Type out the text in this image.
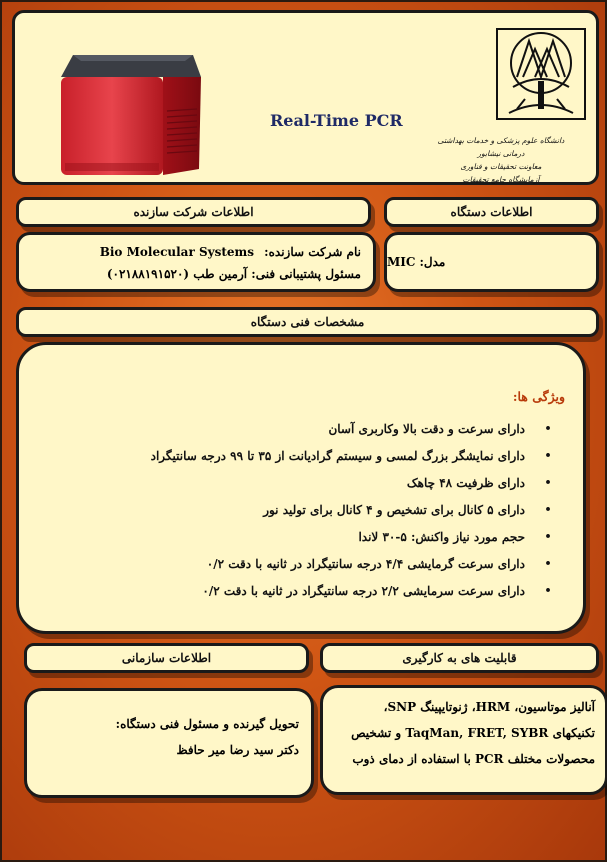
Real-Time PCR
دانشگاه علوم پزشکی و خدمات بهداشتی درمانی نیشابور
معاونت تحقیقات و فناوری
آزمایشگاه جامع تحقیقات
اطلاعات دستگاه
اطلاعات شرکت سازنده
مدل:
MIC
نام شرکت سازنده: Bio Molecular Systems
مسئول پشتیبانی فنی: آرمین طب (۰۲۱۸۸۱۹۱۵۲۰)
مشخصات فنی دستگاه
ویژگی ها:
•
دارای سرعت و دقت بالا وکاربری آسان
•
دارای نمایشگر بزرگ لمسی و سیستم گرادیانت از ۳۵ تا ۹۹ درجه سانتیگراد
•
دارای ظرفیت ۴۸ چاهک
•
دارای ۵ کانال برای تشخیص و ۴ کانال برای تولید نور
•
حجم مورد نیاز واکنش: ۵-۳۰ لاندا
•
دارای سرعت گرمایشی ۴/۴ درجه سانتیگراد در ثانیه با دقت ۰/۲
•
دارای سرعت سرمایشی ۲/۲ درجه سانتیگراد در ثانیه با دقت ۰/۲
قابلیت های به کارگیری
اطلاعات سازمانی
آنالیز موتاسیون، HRM، ژنوتایپینگ SNP،
تکنیکهای TaqMan, FRET, SYBR و تشخیص
محصولات مختلف PCR با استفاده از دمای ذوب
تحویل گیرنده و مسئول فنی دستگاه:
دکتر سید رضا میر حافظ
